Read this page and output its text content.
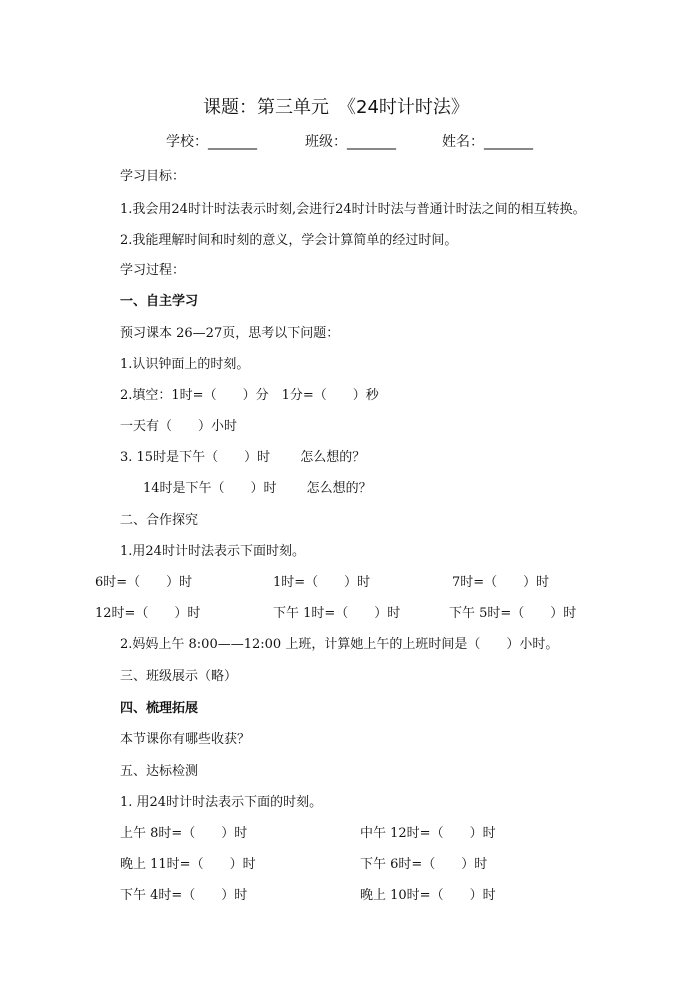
课题：第三单元　《24时计时法》
学校：_______	班级：_______	姓名：_______
学习目标：
1.我会用24时计时法表示时刻,会进行24时计时法与普通计时法之间的相互转换。
2.我能理解时间和时刻的意义，学会计算简单的经过时间。
学习过程：
一、自主学习
预习课本 26—27页，思考以下问题：
1.认识钟面上的时刻。
2.填空：1时=（　　）分　1分=（　　）秒
一天有（　　）小时
3. 15时是下午（　　）时　　 怎么想的？
14时是下午（　　）时　　 怎么想的？
二、合作探究
1.用24时计时法表示下面时刻。
6时=（　　）时	1时=（　　）时	7时=（　　）时
12时=（　　）时	下午 1时=（　　）时	下午 5时=（　　）时
2.妈妈上午 8:00——12:00 上班，计算她上午的上班时间是（　　）小时。
三、班级展示（略）
四、梳理拓展
本节课你有哪些收获？
五、达标检测
1. 用24时计时法表示下面的时刻。
上午 8时=（　　）时	中午 12时=（　　）时
晚上 11时=（　　）时	下午 6时=（　　）时
下午 4时=（　　）时	晚上 10时=（　　）时
